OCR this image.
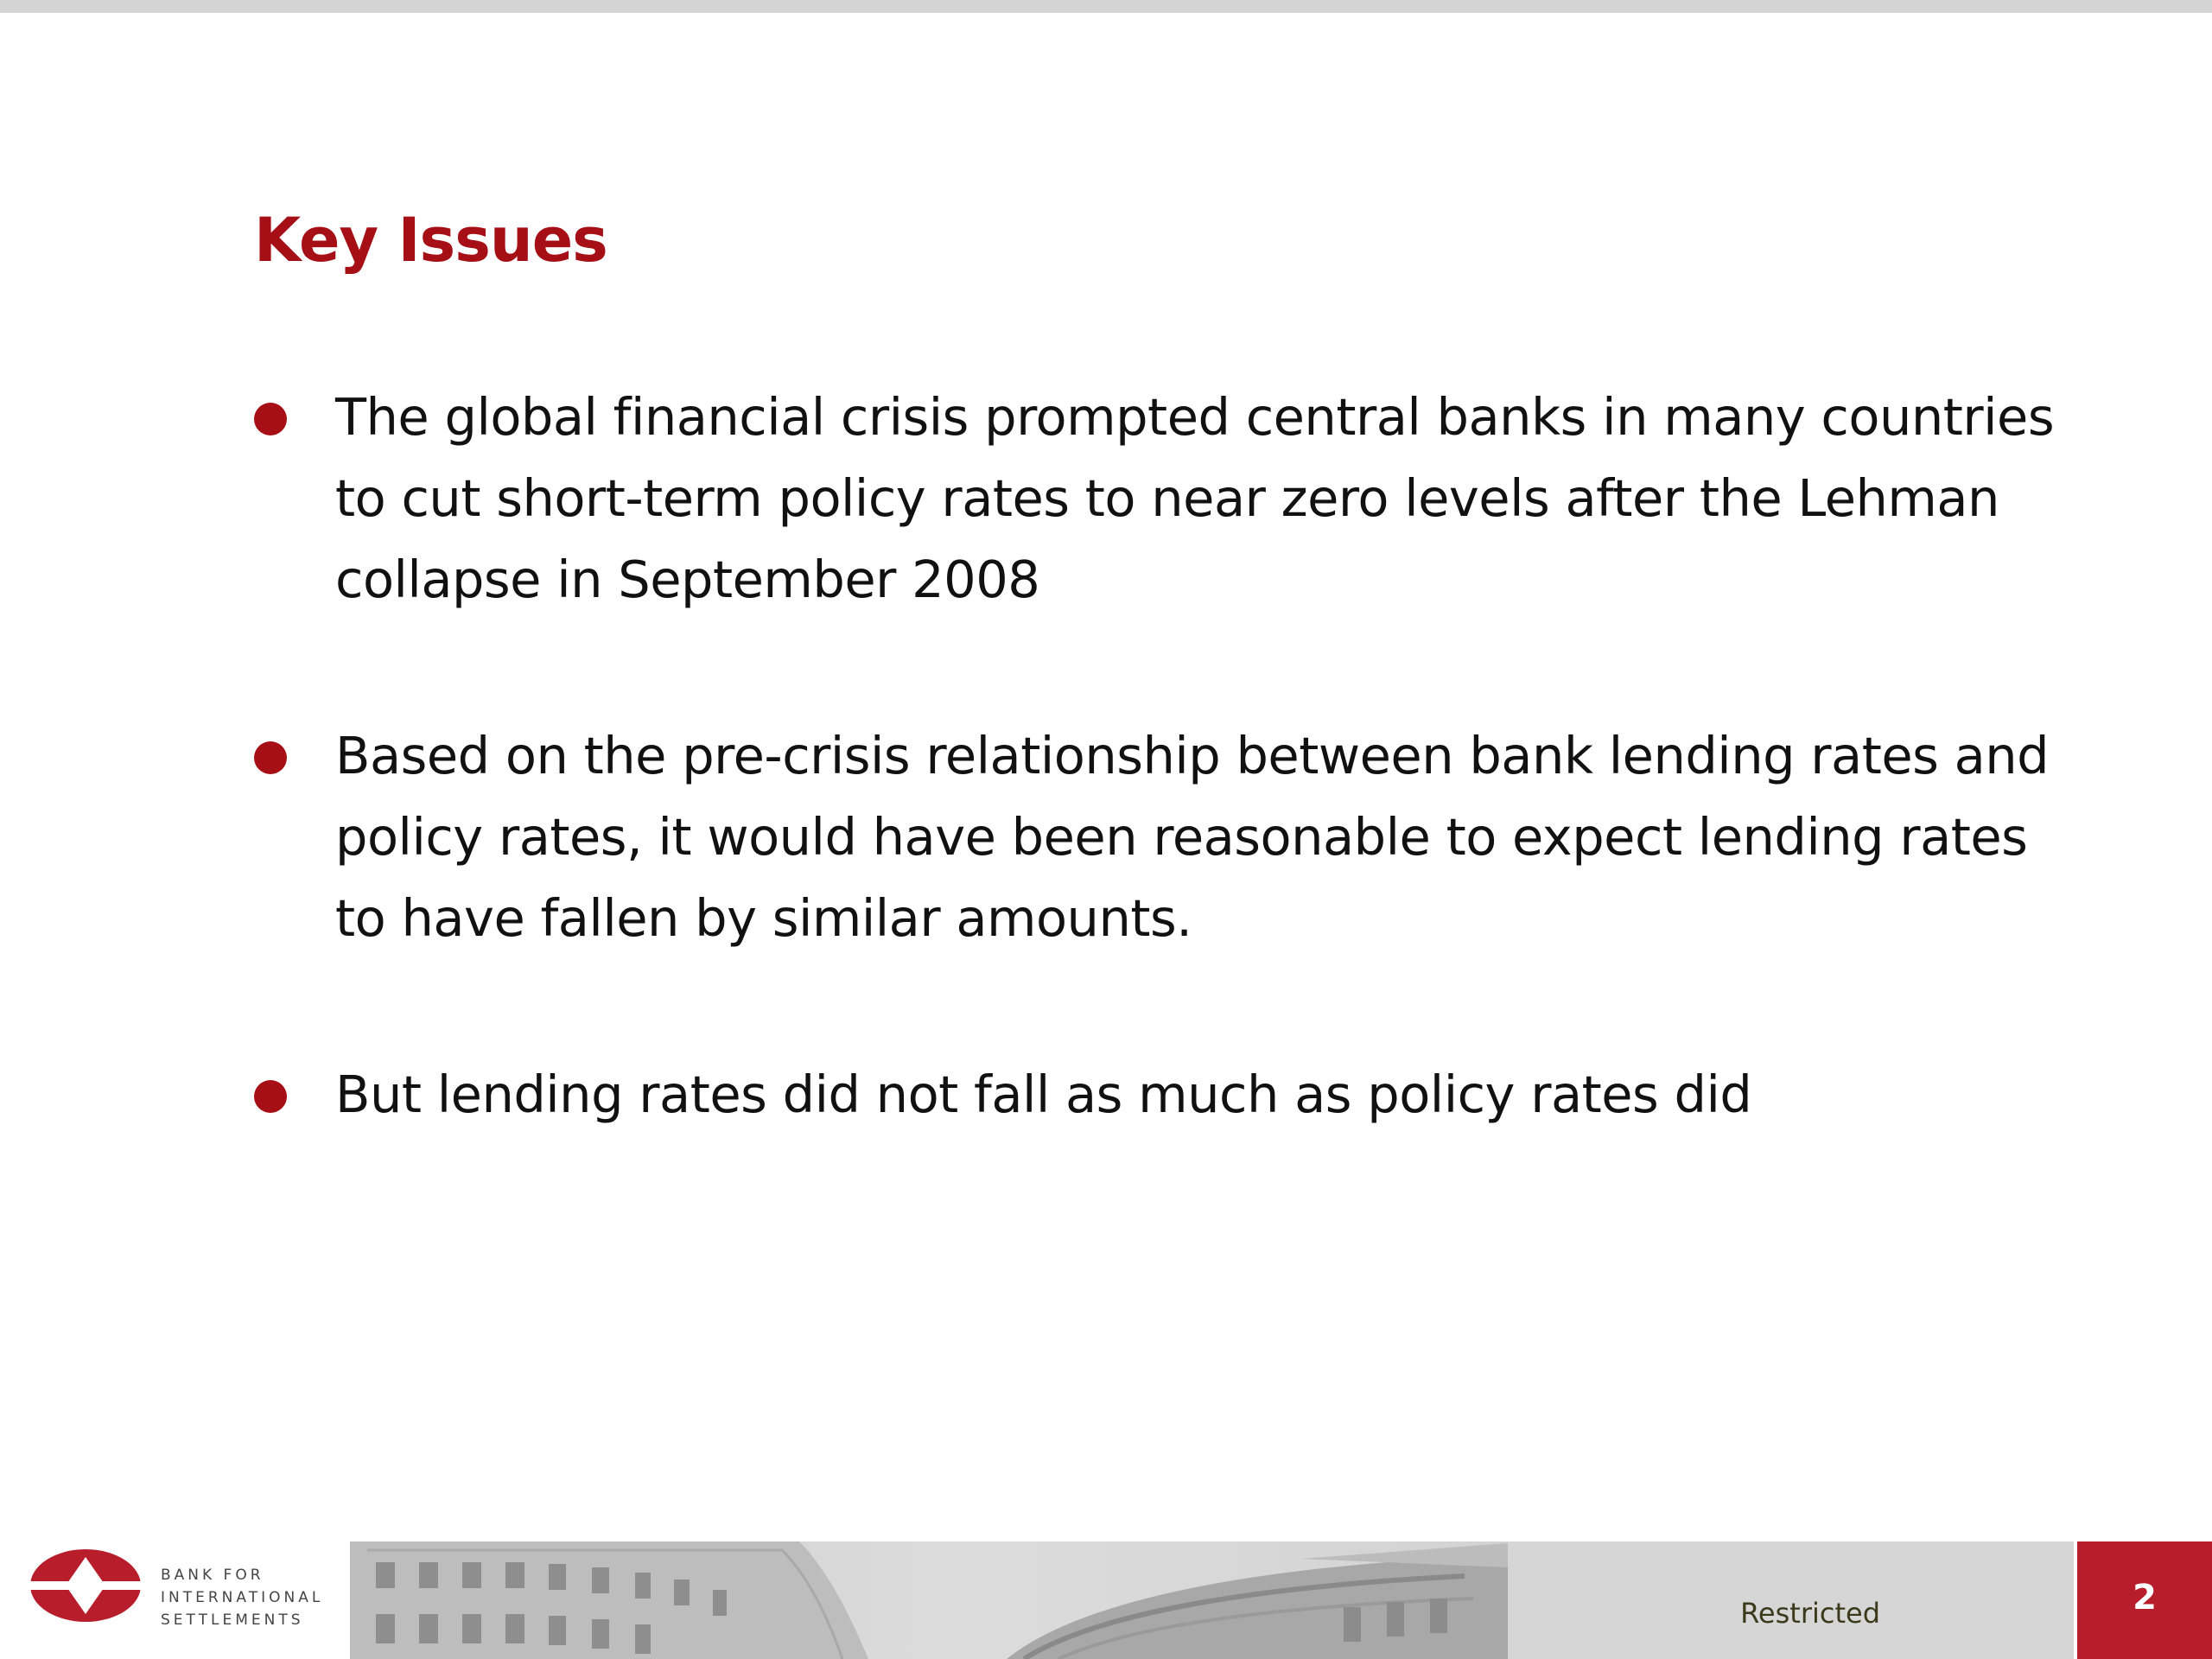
Key Issues
The global financial crisis prompted central banks in many countries to cut short-term policy rates to near zero levels after the Lehman collapse in September 2008
Based on the pre-crisis relationship between bank lending rates and policy rates, it would have been reasonable to expect lending rates to have fallen by similar amounts.
But lending rates did not fall as much as policy rates did
BANK FOR
INTERNATIONAL
SETTLEMENTS	Restricted	2
